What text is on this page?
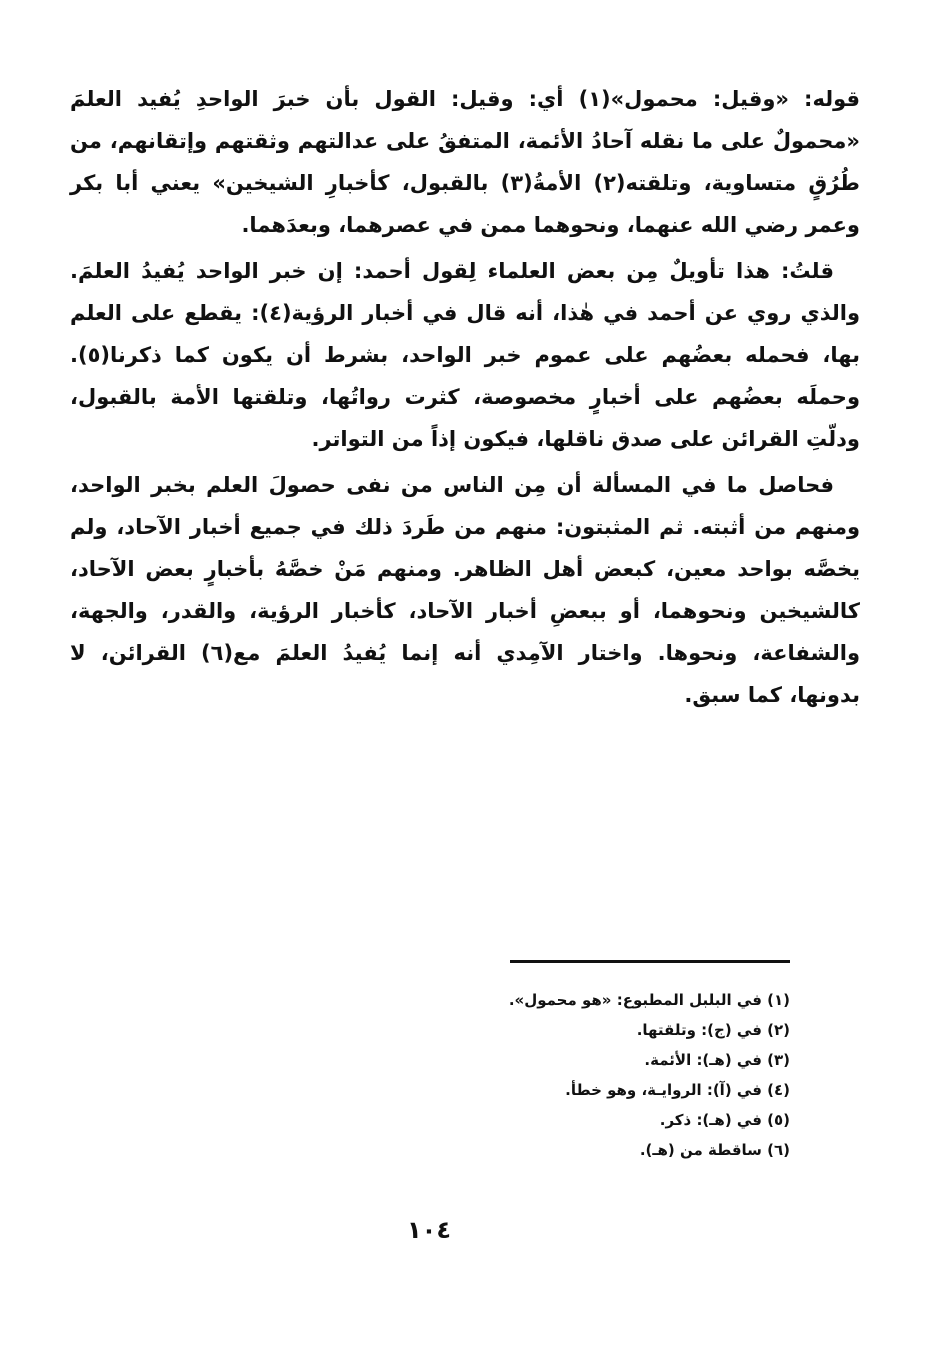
قوله: «وقيل: محمول»(١) أي: وقيل: القول بأن خبرَ الواحدِ يُفيد العلمَ «محمولٌ على ما نقله آحادُ الأئمة، المتفقُ على عدالتهم وثقتهم وإتقانهم، من طُرُقٍ متساوية، وتلقته(٢) الأمةُ(٣) بالقبول، كأخبارِ الشيخين» يعني أبا بكر وعمر رضي الله عنهما، ونحوهما ممن في عصرهما، وبعدَهما.

قلتُ: هذا تأويلٌ مِن بعض العلماء لِقول أحمد: إن خبر الواحد يُفيدُ العلمَ. والذي روي عن أحمد في هٰذا، أنه قال في أخبار الرؤية(٤): يقطع على العلم بها، فحمله بعضُهم على عموم خبر الواحد، بشرط أن يكون كما ذكرنا(٥). وحملَه بعضُهم على أخبارٍ مخصوصة، كثرت رواتُها، وتلقتها الأمة بالقبول، ودلّتِ القرائن على صدق ناقلها، فيكون إذاً من التواتر.

فحاصل ما في المسألة أن مِن الناس من نفى حصولَ العلم بخبر الواحد، ومنهم من أثبته. ثم المثبتون: منهم من طَردَ ذلك في جميع أخبار الآحاد، ولم يخصَّه بواحد معين، كبعض أهل الظاهر. ومنهم مَنْ خصَّهُ بأخبارٍ بعض الآحاد، كالشيخين ونحوهما، أو ببعضِ أخبار الآحاد، كأخبار الرؤية، والقدر، والجهة، والشفاعة، ونحوها. واختار الآمِدي أنه إنما يُفيدُ العلمَ مع(٦) القرائن، لا بدونها، كما سبق.

(١) في البلبل المطبوع: «هو محمول».
(٢) في (ج): وتلقتها.
(٣) في (هـ): الأئمة.
(٤) في (آ): الروايـة، وهو خطأ.
(٥) في (هـ): ذكر.
(٦) ساقطة من (هـ).
١٠٤
